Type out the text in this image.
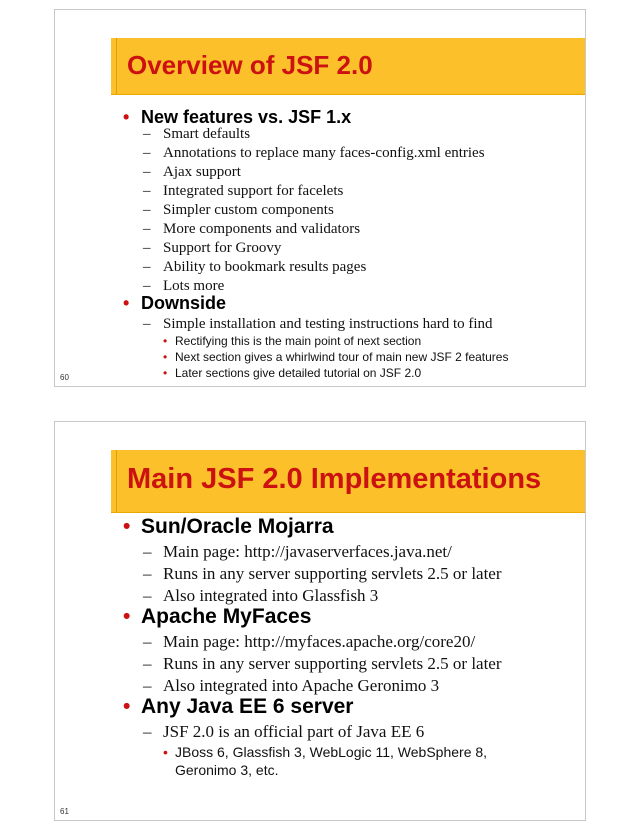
Overview of JSF 2.0
• New features vs. JSF 1.x
– Smart defaults
– Annotations to replace many faces-config.xml entries
– Ajax support
– Integrated support for facelets
– Simpler custom components
– More components and validators
– Support for Groovy
– Ability to bookmark results pages
– Lots more
• Downside
– Simple installation and testing instructions hard to find
• Rectifying this is the main point of next section
• Next section gives a whirlwind tour of main new JSF 2 features
• Later sections give detailed tutorial on JSF 2.0
60
Main JSF 2.0 Implementations
• Sun/Oracle Mojarra
– Main page: http://javaserverfaces.java.net/
– Runs in any server supporting servlets 2.5 or later
– Also integrated into Glassfish 3
• Apache MyFaces
– Main page: http://myfaces.apache.org/core20/
– Runs in any server supporting servlets 2.5 or later
– Also integrated into Apache Geronimo 3
• Any Java EE 6 server
– JSF 2.0 is an official part of Java EE 6
• JBoss 6, Glassfish 3, WebLogic 11, WebSphere 8,
Geronimo 3, etc.
61
